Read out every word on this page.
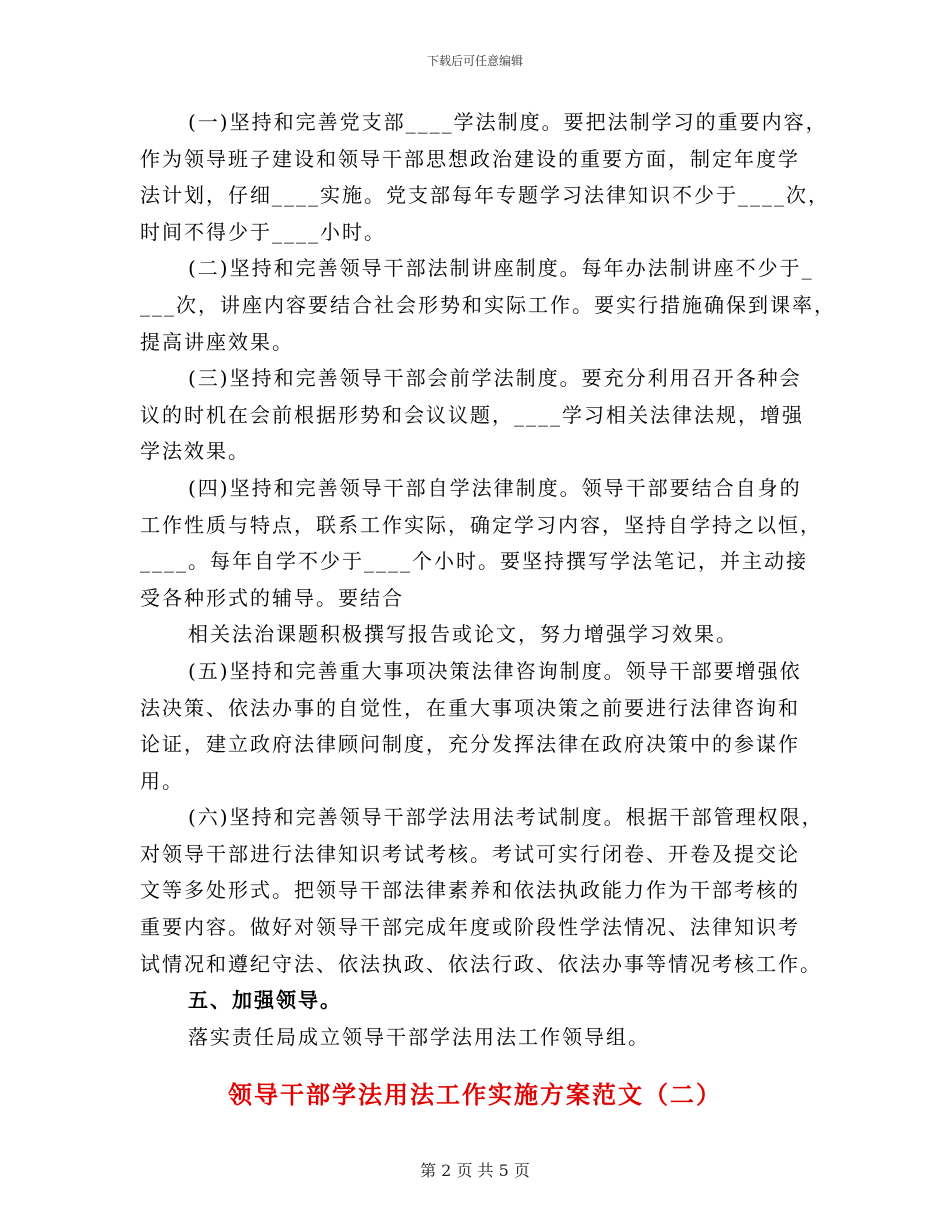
下载后可任意编辑
(一)坚持和完善党支部____学法制度。要把法制学习的重要内容，
作为领导班子建设和领导干部思想政治建设的重要方面，制定年度学
法计划，仔细____实施。党支部每年专题学习法律知识不少于____次，
时间不得少于____小时。
(二)坚持和完善领导干部法制讲座制度。每年办法制讲座不少于_
___次，讲座内容要结合社会形势和实际工作。要实行措施确保到课率，
提高讲座效果。
(三)坚持和完善领导干部会前学法制度。要充分利用召开各种会
议的时机在会前根据形势和会议议题，____学习相关法律法规，增强
学法效果。
(四)坚持和完善领导干部自学法律制度。领导干部要结合自身的
工作性质与特点，联系工作实际，确定学习内容，坚持自学持之以恒，
____。每年自学不少于____个小时。要坚持撰写学法笔记，并主动接
受各种形式的辅导。要结合
相关法治课题积极撰写报告或论文，努力增强学习效果。
(五)坚持和完善重大事项决策法律咨询制度。领导干部要增强依
法决策、依法办事的自觉性，在重大事项决策之前要进行法律咨询和
论证，建立政府法律顾问制度，充分发挥法律在政府决策中的参谋作
用。
(六)坚持和完善领导干部学法用法考试制度。根据干部管理权限，
对领导干部进行法律知识考试考核。考试可实行闭卷、开卷及提交论
文等多处形式。把领导干部法律素养和依法执政能力作为干部考核的
重要内容。做好对领导干部完成年度或阶段性学法情况、法律知识考
试情况和遵纪守法、依法执政、依法行政、依法办事等情况考核工作。
五、加强领导。
落实责任局成立领导干部学法用法工作领导组。
领导干部学法用法工作实施方案范文（二）
第 2 页 共 5 页
